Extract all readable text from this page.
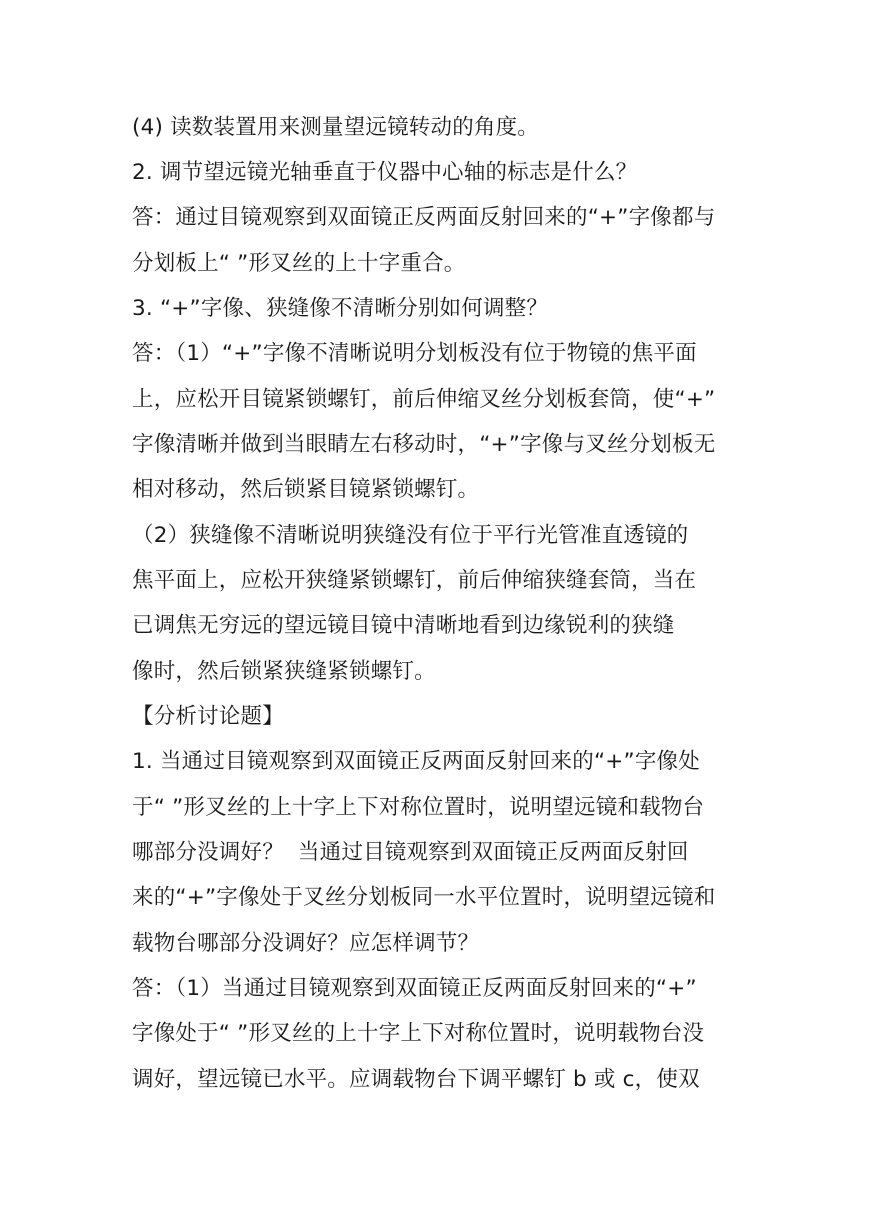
(4) 读数装置用来测量望远镜转动的角度。
2. 调节望远镜光轴垂直于仪器中心轴的标志是什么？
答：通过目镜观察到双面镜正反两面反射回来的“+”字像都与
分划板上“ ”形叉丝的上十字重合。
3. “+”字像、狭缝像不清晰分别如何调整？
答：（1）“+”字像不清晰说明分划板没有位于物镜的焦平面
上，应松开目镜紧锁螺钉，前后伸缩叉丝分划板套筒，使“+”
字像清晰并做到当眼睛左右移动时，“+”字像与叉丝分划板无
相对移动，然后锁紧目镜紧锁螺钉。
（2）狭缝像不清晰说明狭缝没有位于平行光管准直透镜的
焦平面上，应松开狭缝紧锁螺钉，前后伸缩狭缝套筒，当在
已调焦无穷远的望远镜目镜中清晰地看到边缘锐利的狭缝
像时，然后锁紧狭缝紧锁螺钉。
【分析讨论题】
1. 当通过目镜观察到双面镜正反两面反射回来的“+”字像处
于“ ”形叉丝的上十字上下对称位置时，说明望远镜和载物台
哪部分没调好？  当通过目镜观察到双面镜正反两面反射回
来的“+”字像处于叉丝分划板同一水平位置时，说明望远镜和
载物台哪部分没调好？应怎样调节？
答：（1）当通过目镜观察到双面镜正反两面反射回来的“+”
字像处于“ ”形叉丝的上十字上下对称位置时，说明载物台没
调好，望远镜已水平。应调载物台下调平螺钉 b 或 c，使双
